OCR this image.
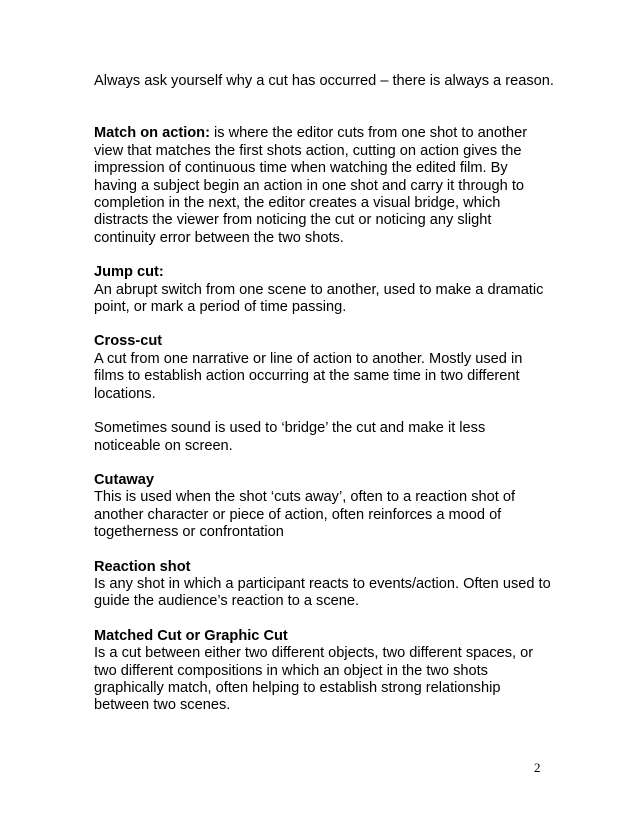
Always ask yourself why a cut has occurred – there is always a reason.

Match on action: is where the editor cuts from one shot to another view that matches the first shots action, cutting on action gives the impression of continuous time when watching the edited film. By having a subject begin an action in one shot and carry it through to completion in the next, the editor creates a visual bridge, which distracts the viewer from noticing the cut or noticing any slight continuity error between the two shots.

Jump cut:

An abrupt switch from one scene to another, used to make a dramatic point, or mark a period of time passing.

Cross-cut

A cut from one narrative or line of action to another. Mostly used in films to establish action occurring at the same time in two different locations.

Sometimes sound is used to ‘bridge’ the cut and make it less noticeable on screen.

Cutaway

This is used when the shot ‘cuts away’, often to a reaction shot of another character or piece of action, often reinforces a mood of togetherness or confrontation

Reaction shot

Is any shot in which a participant reacts to events/action. Often used to guide the audience’s reaction to a scene.

Matched Cut or Graphic Cut

Is a cut between either two different objects, two different spaces, or two different compositions in which an object in the two shots graphically match, often helping to establish strong relationship between two scenes.

2
